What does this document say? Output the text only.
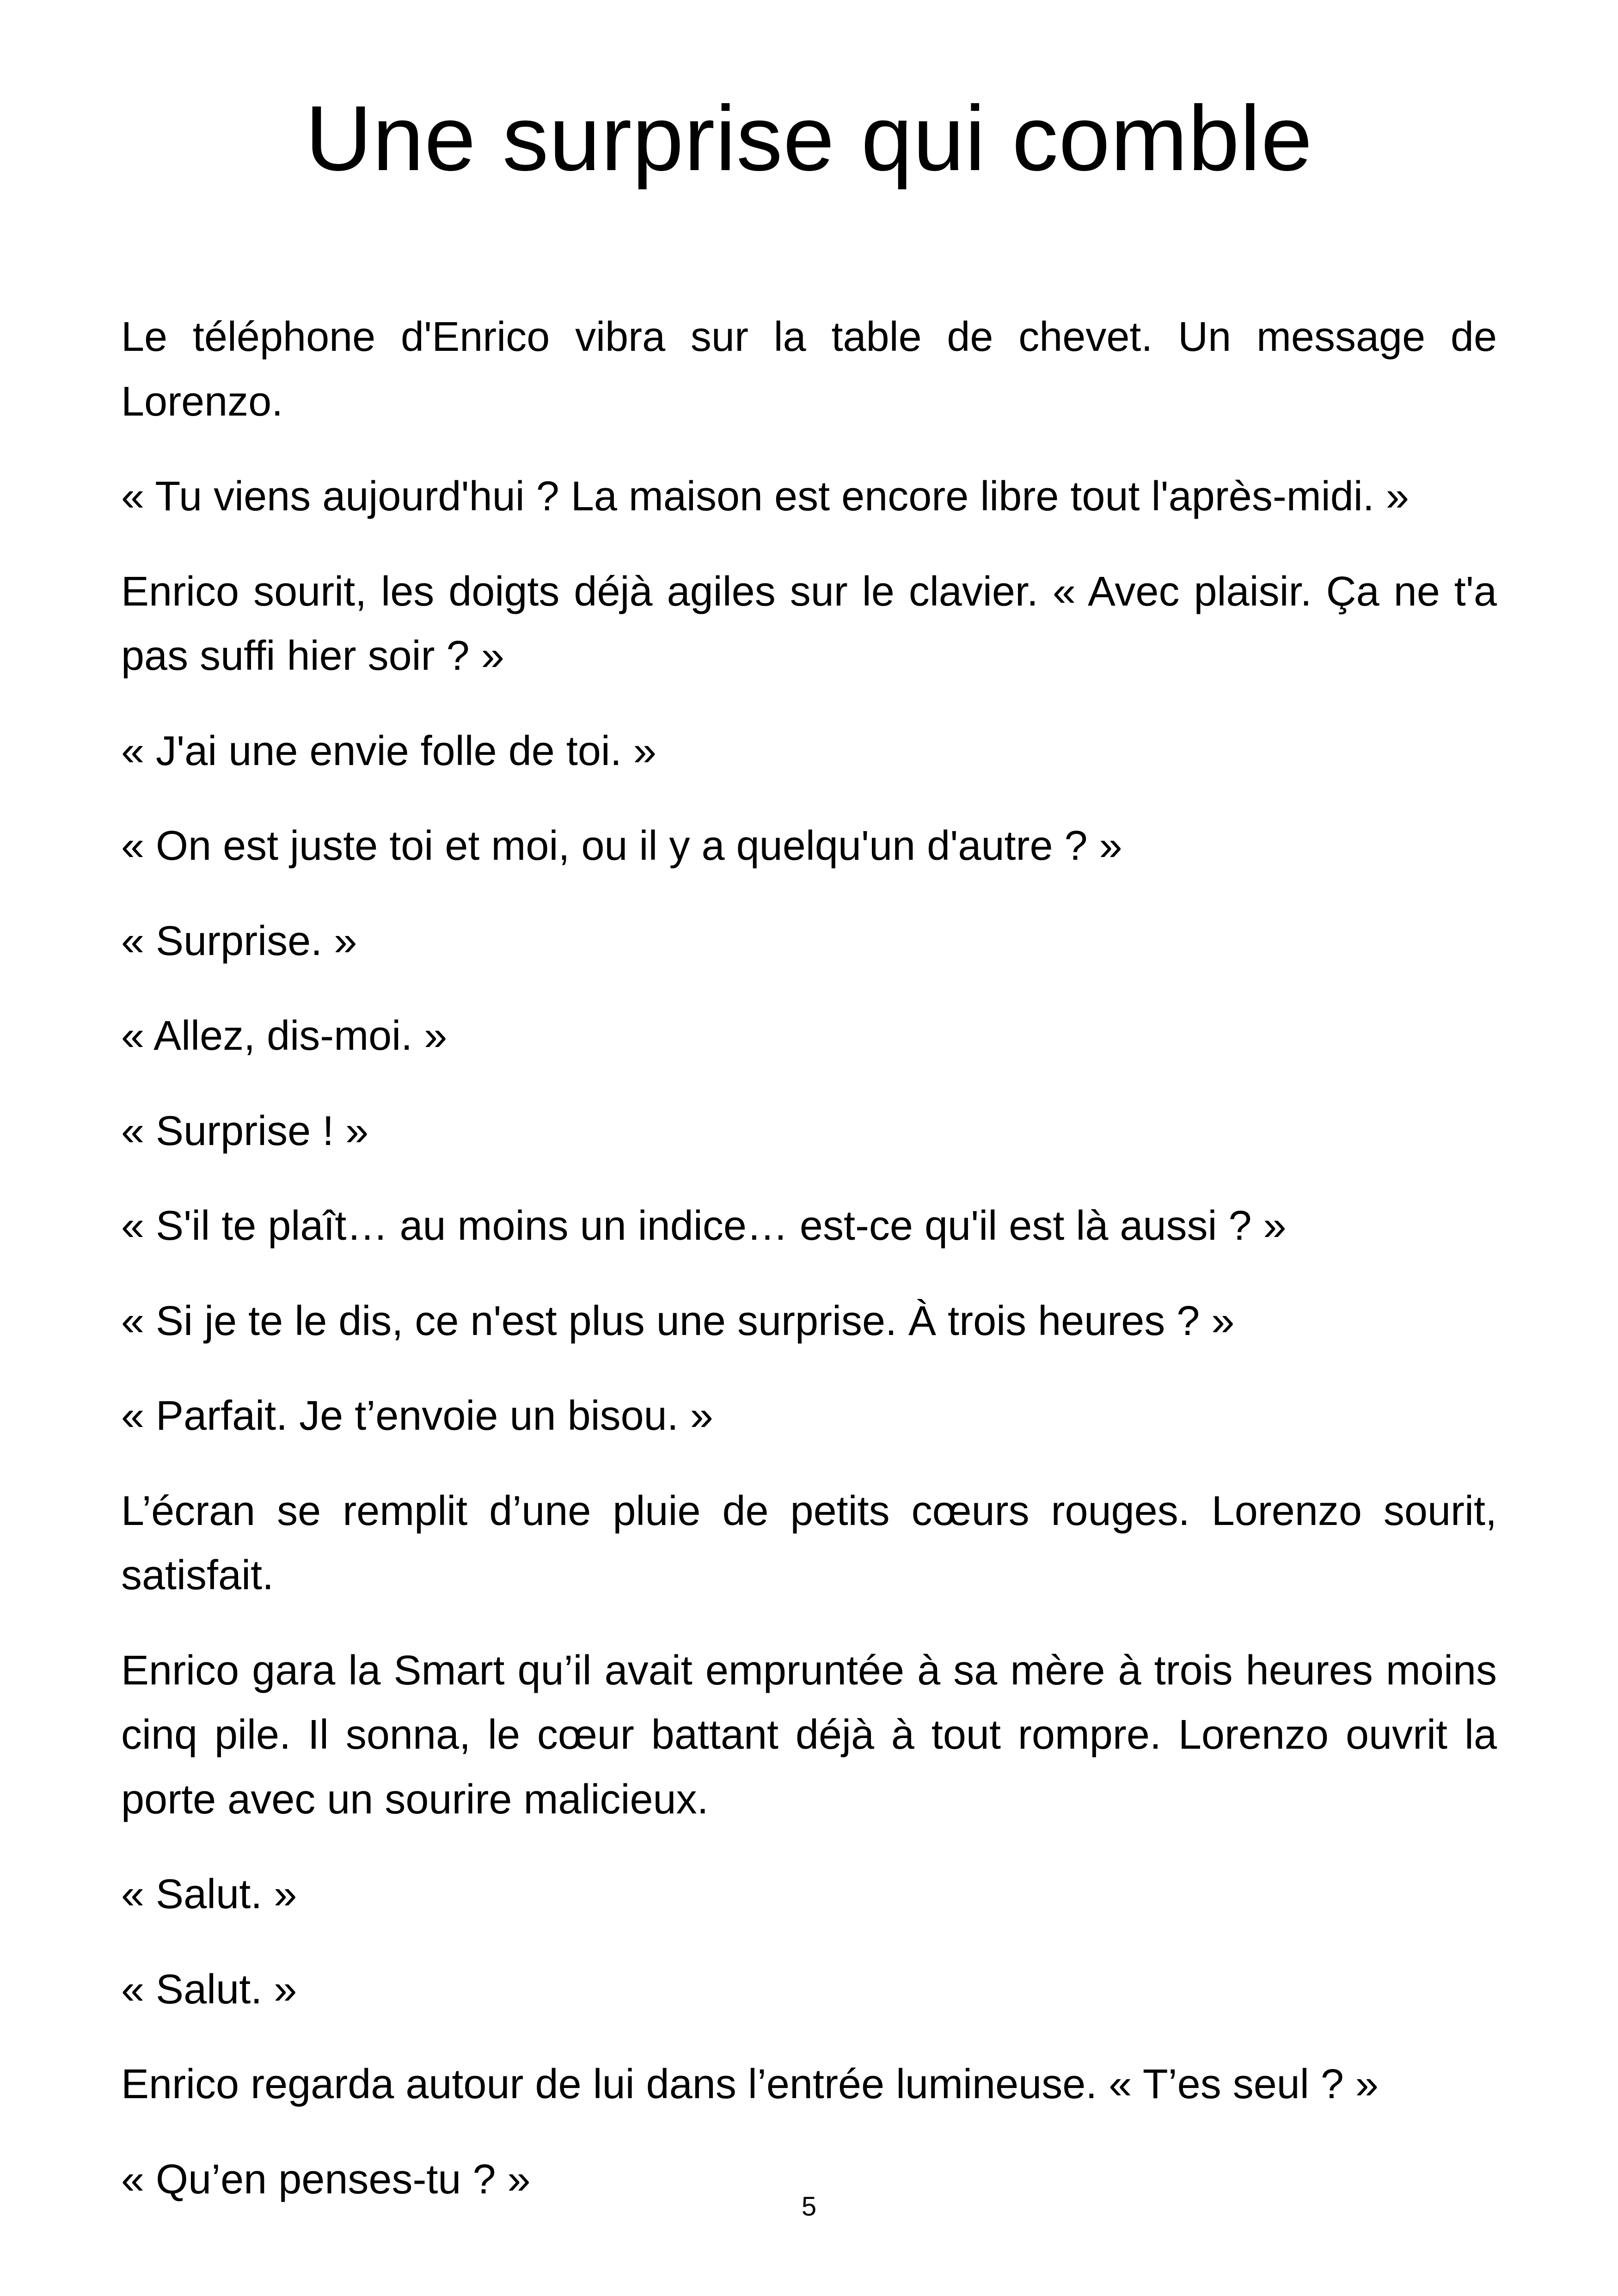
Une surprise qui comble

Le téléphone d'Enrico vibra sur la table de chevet. Un message de Lorenzo.

« Tu viens aujourd'hui ? La maison est encore libre tout l'après-midi. »

Enrico sourit, les doigts déjà agiles sur le clavier. « Avec plaisir. Ça ne t'a pas suffi hier soir ? »

« J'ai une envie folle de toi. »

« On est juste toi et moi, ou il y a quelqu'un d'autre ? »

« Surprise. »

« Allez, dis-moi. »

« Surprise ! »

« S'il te plaît… au moins un indice… est-ce qu'il est là aussi ? »

« Si je te le dis, ce n'est plus une surprise. À trois heures ? »

« Parfait. Je t’envoie un bisou. »

L’écran se remplit d’une pluie de petits cœurs rouges. Lorenzo sourit, satisfait.

Enrico gara la Smart qu’il avait empruntée à sa mère à trois heures moins cinq pile. Il sonna, le cœur battant déjà à tout rompre. Lorenzo ouvrit la porte avec un sourire malicieux.

« Salut. »

« Salut. »

Enrico regarda autour de lui dans l’entrée lumineuse. « T’es seul ? »

« Qu’en penses-tu ? »

5
